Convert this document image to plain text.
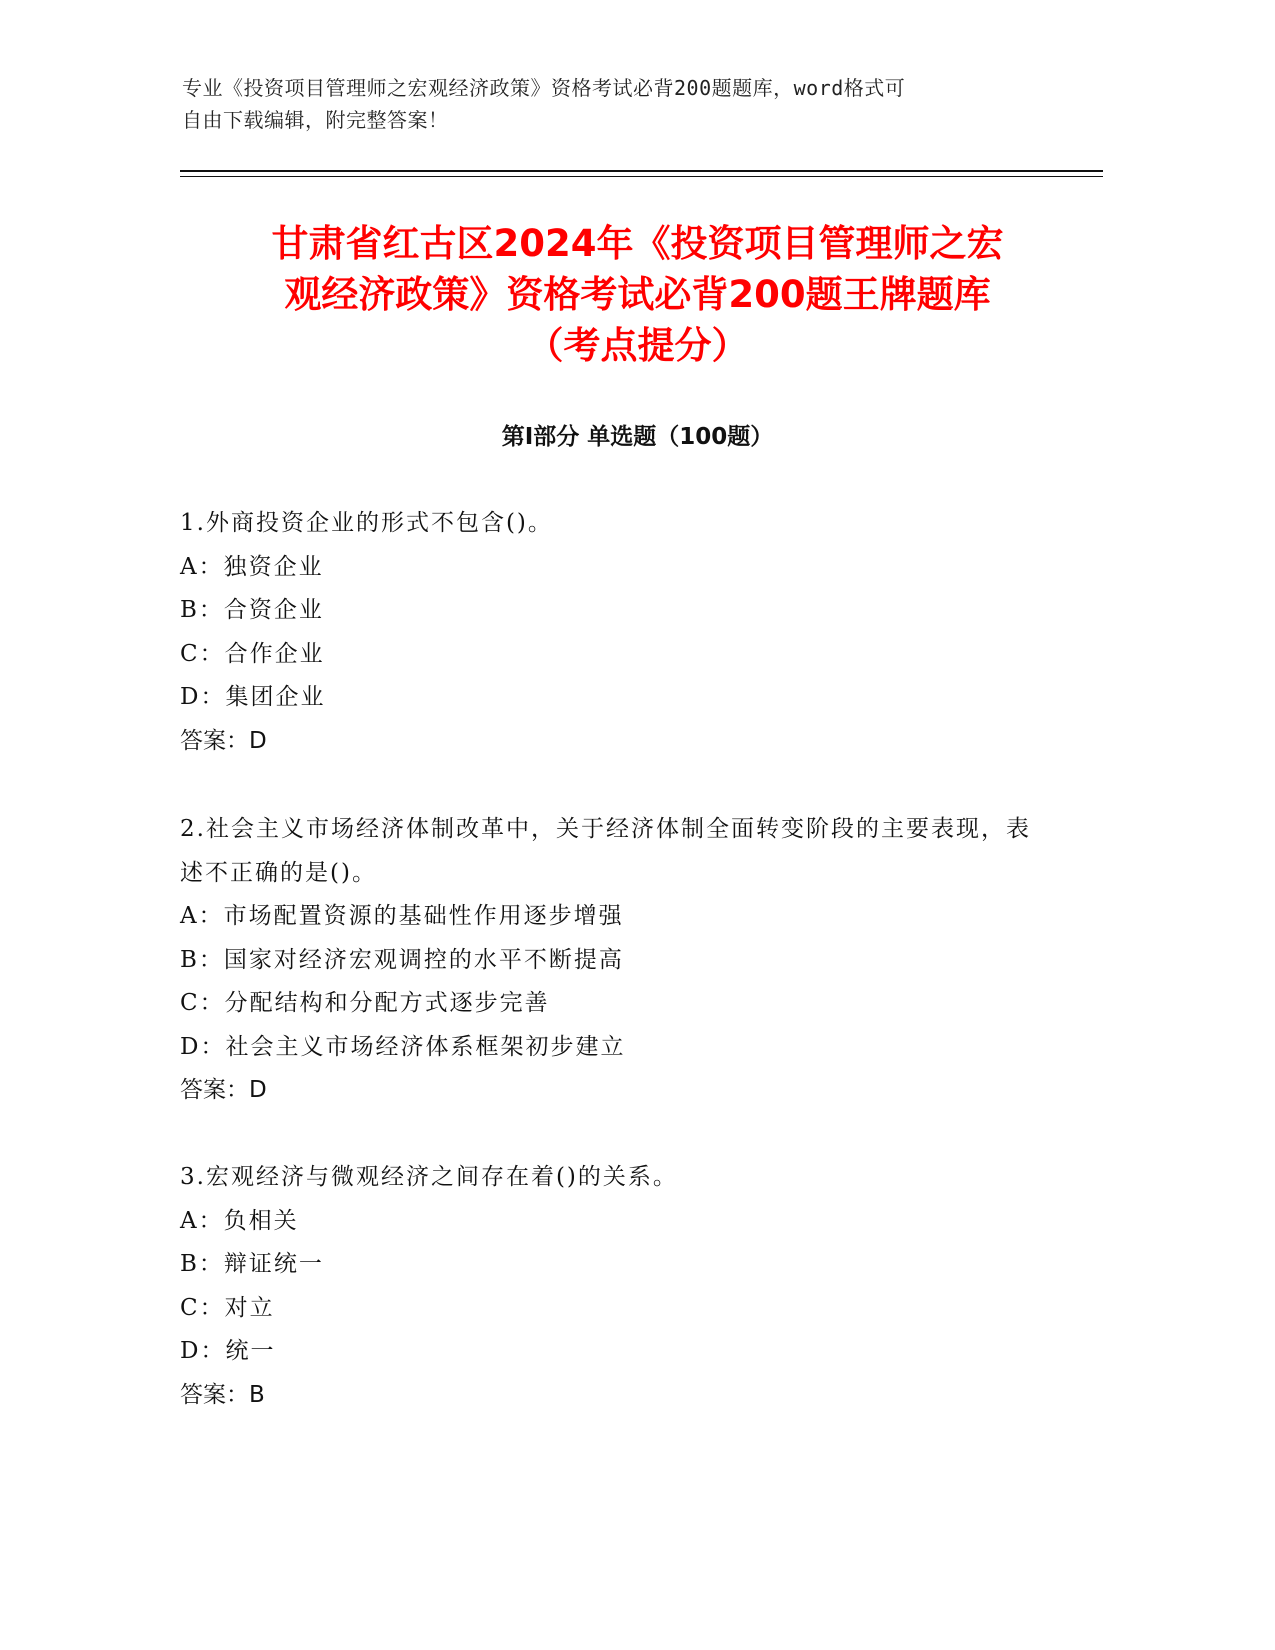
专业《投资项目管理师之宏观经济政策》资格考试必背200题题库，word格式可
自由下载编辑，附完整答案！
甘肃省红古区2024年《投资项目管理师之宏
观经济政策》资格考试必背200题王牌题库
（考点提分）
第Ⅰ部分 单选题（100题）
1.外商投资企业的形式不包含()。
A：独资企业
B：合资企业
C：合作企业
D：集团企业
答案：D
2.社会主义市场经济体制改革中，关于经济体制全面转变阶段的主要表现，表述不正确的是()。
A：市场配置资源的基础性作用逐步增强
B：国家对经济宏观调控的水平不断提高
C：分配结构和分配方式逐步完善
D：社会主义市场经济体系框架初步建立
答案：D
3.宏观经济与微观经济之间存在着()的关系。
A：负相关
B：辩证统一
C：对立
D：统一
答案：B
